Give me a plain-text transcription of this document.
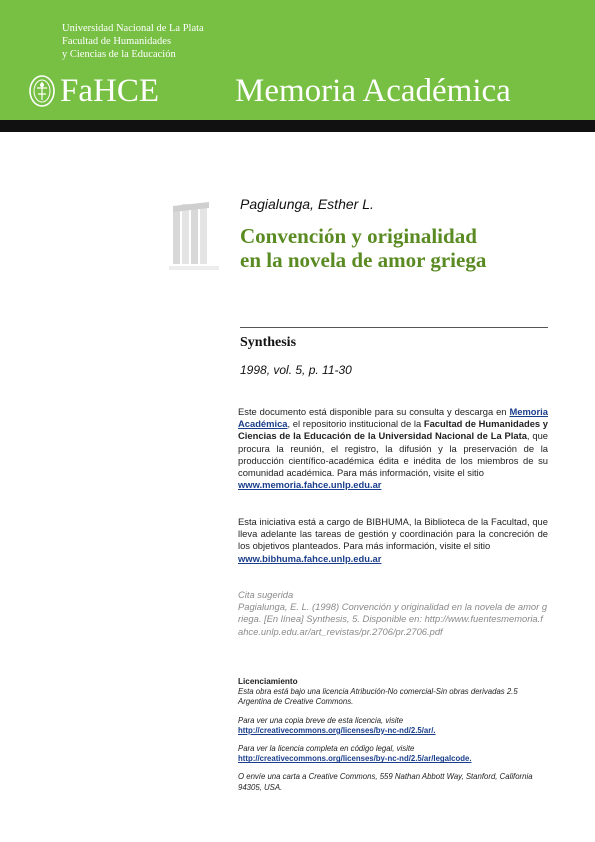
Universidad Nacional de La Plata
Facultad de Humanidades
y Ciencias de la Educación
FaHCE Memoria Académica
Pagialunga, Esther L.
Convención y originalidad
en la novela de amor griega
Synthesis
1998, vol. 5, p. 11-30
Este documento está disponible para su consulta y descarga en Memoria Académica, el repositorio institucional de la Facultad de Humanidades y Ciencias de la Educación de la Universidad Nacional de La Plata, que procura la reunión, el registro, la difusión y la preservación de la producción científico-académica édita e inédita de los miembros de su comunidad académica. Para más información, visite el sitio
www.memoria.fahce.unlp.edu.ar
Esta iniciativa está a cargo de BIBHUMA, la Biblioteca de la Facultad, que lleva adelante las tareas de gestión y coordinación para la concreción de los objetivos planteados. Para más información, visite el sitio
www.bibhuma.fahce.unlp.edu.ar
Cita sugerida
Pagialunga, E. L. (1998) Convención y originalidad en la novela de amor griega. [En línea] Synthesis, 5. Disponible en: http://www.fuentesmemoria.fahce.unlp.edu.ar/art_revistas/pr.2706/pr.2706.pdf
Licenciamiento
Esta obra está bajo una licencia Atribución-No comercial-Sin obras derivadas 2.5 Argentina de Creative Commons.
Para ver una copia breve de esta licencia, visite
http://creativecommons.org/licenses/by-nc-nd/2.5/ar/.
Para ver la licencia completa en código legal, visite
http://creativecommons.org/licenses/by-nc-nd/2.5/ar/legalcode.
O envíe una carta a Creative Commons, 559 Nathan Abbott Way, Stanford, California 94305, USA.
